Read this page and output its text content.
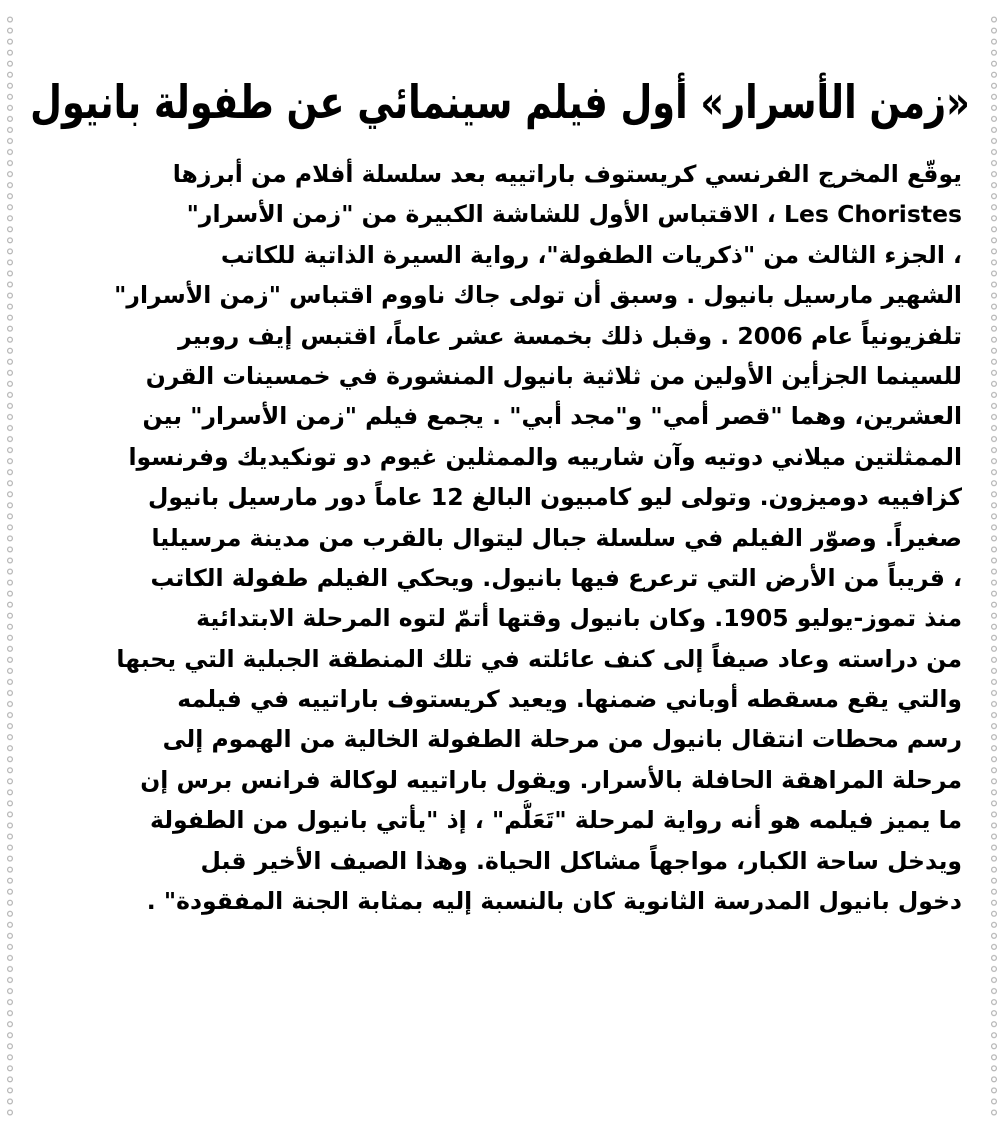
«زمن الأسرار» أول فيلم سينمائي عن طفولة بانيول
يوقّع المخرج الفرنسي كريستوف باراتييه بعد سلسلة أفلام من أبرزها
Les Choristes ، الاقتباس الأول للشاشة الكبيرة من "زمن الأسرار"
، الجزء الثالث من "ذكريات الطفولة"، رواية السيرة الذاتية للكاتب
الشهير مارسيل بانيول . وسبق أن تولى جاك ناووم اقتباس "زمن الأسرار"
تلفزيونياً عام 2006 . وقبل ذلك بخمسة عشر عاماً، اقتبس إيف روبير
للسينما الجزأين الأولين من ثلاثية بانيول المنشورة في خمسينات القرن
العشرين، وهما "قصر أمي" و"مجد أبي" . يجمع فيلم "زمن الأسرار" بين
الممثلتين ميلاني دوتيه وآن شارييه والممثلين غيوم دو تونكيديك وفرنسوا
كزافييه دوميزون. وتولى ليو كامبيون البالغ 12 عاماً دور مارسيل بانيول
صغيراً. وصوّر الفيلم في سلسلة جبال ليتوال بالقرب من مدينة مرسيليا
، قريباً من الأرض التي ترعرع فيها بانيول. ويحكي الفيلم طفولة الكاتب
منذ تموز-يوليو 1905. وكان بانيول وقتها أتمّ لتوه المرحلة الابتدائية
من دراسته وعاد صيفاً إلى كنف عائلته في تلك المنطقة الجبلية التي يحبها
والتي يقع مسقطه أوباني ضمنها. ويعيد كريستوف باراتييه في فيلمه
رسم محطات انتقال بانيول من مرحلة الطفولة الخالية من الهموم إلى
مرحلة المراهقة الحافلة بالأسرار. ويقول باراتييه لوكالة فرانس برس إن
ما يميز فيلمه هو أنه رواية لمرحلة "تَعَلُّم" ، إذ "يأتي بانيول من الطفولة
ويدخل ساحة الكبار، مواجهاً مشاكل الحياة. وهذا الصيف الأخير قبل
دخول بانيول المدرسة الثانوية كان بالنسبة إليه بمثابة الجنة المفقودة" .
